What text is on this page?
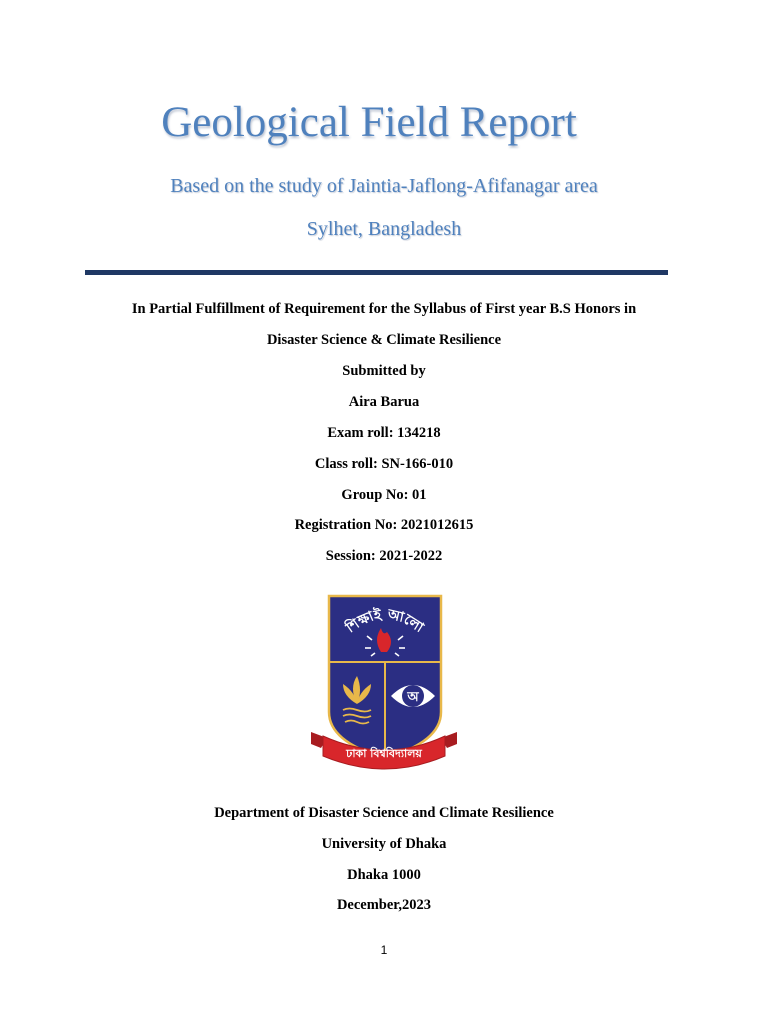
Geological Field Report
Based on the study of Jaintia-Jaflong-Afifanagar area
Sylhet, Bangladesh
In Partial Fulfillment of Requirement for the Syllabus of First year B.S Honors in
Disaster Science & Climate Resilience
Submitted by
Aira Barua
Exam roll: 134218
Class roll: SN-166-010
Group No: 01
Registration No: 2021012615
Session: 2021-2022
শিক্ষাই আলো
অ
ঢাকা বিশ্ববিদ্যালয়
Department of Disaster Science and Climate Resilience
University of Dhaka
Dhaka 1000
December,2023
1
